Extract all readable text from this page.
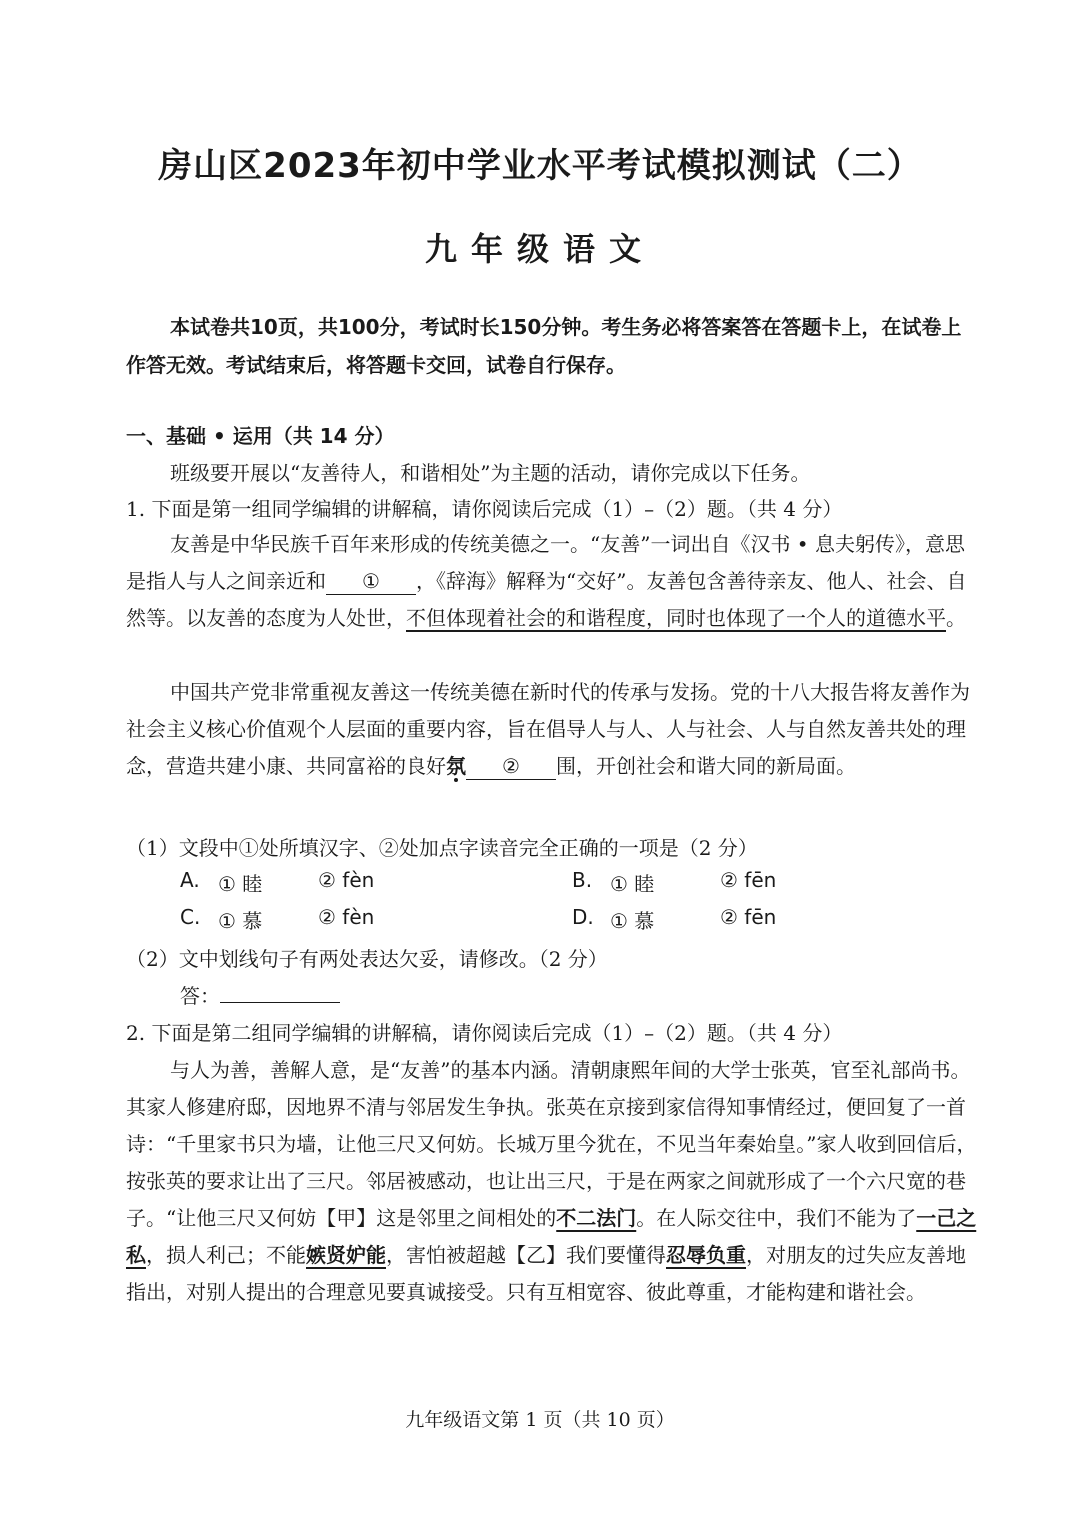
房山区2023年初中学业水平考试模拟测试（二）
九年级语文
本试卷共10页，共100分，考试时长150分钟。考生务必将答案答在答题卡上，在试卷上作答无效。考试结束后，将答题卡交回，试卷自行保存。
一、基础 • 运用（共 14 分）
班级要开展以“友善待人，和谐相处”为主题的活动，请你完成以下任务。
1. 下面是第一组同学编辑的讲解稿，请你阅读后完成（1）–（2）题。（共 4 分）
友善是中华民族千百年来形成的传统美德之一。“友善”一词出自《汉书 • 息夫躬传》，意思是指人与人之间亲近和 ① ，《辞海》解释为“交好”。友善包含善待亲友、他人、社会、自然等。以友善的态度为人处世，不但体现着社会的和谐程度，同时也体现了一个人的道德水平。
中国共产党非常重视友善这一传统美德在新时代的传承与发扬。党的十八大报告将友善作为社会主义核心价值观个人层面的重要内容，旨在倡导人与人、人与社会、人与自然友善共处的理念，营造共建小康、共同富裕的良好氛 ② 围，开创社会和谐大同的新局面。
（1）文段中①处所填汉字、②处加点字读音完全正确的一项是（2 分）
A. ① 睦	② fèn	B. ① 睦	② fēn
C. ① 慕	② fèn	D. ① 慕	② fēn
（2）文中划线句子有两处表达欠妥，请修改。（2 分）
答：
2. 下面是第二组同学编辑的讲解稿，请你阅读后完成（1）–（2）题。（共 4 分）
与人为善，善解人意，是“友善”的基本内涵。清朝康熙年间的大学士张英，官至礼部尚书。其家人修建府邸，因地界不清与邻居发生争执。张英在京接到家信得知事情经过，便回复了一首诗：“千里家书只为墙，让他三尺又何妨。长城万里今犹在，不见当年秦始皇。”家人收到回信后，按张英的要求让出了三尺。邻居被感动，也让出三尺，于是在两家之间就形成了一个六尺宽的巷子。“让他三尺又何妨【甲】这是邻里之间相处的不二法门。在人际交往中，我们不能为了一己之私，损人利己；不能嫉贤妒能，害怕被超越【乙】我们要懂得忍辱负重，对朋友的过失应友善地指出，对别人提出的合理意见要真诚接受。只有互相宽容、彼此尊重，才能构建和谐社会。
九年级语文第 1 页（共 10 页）
